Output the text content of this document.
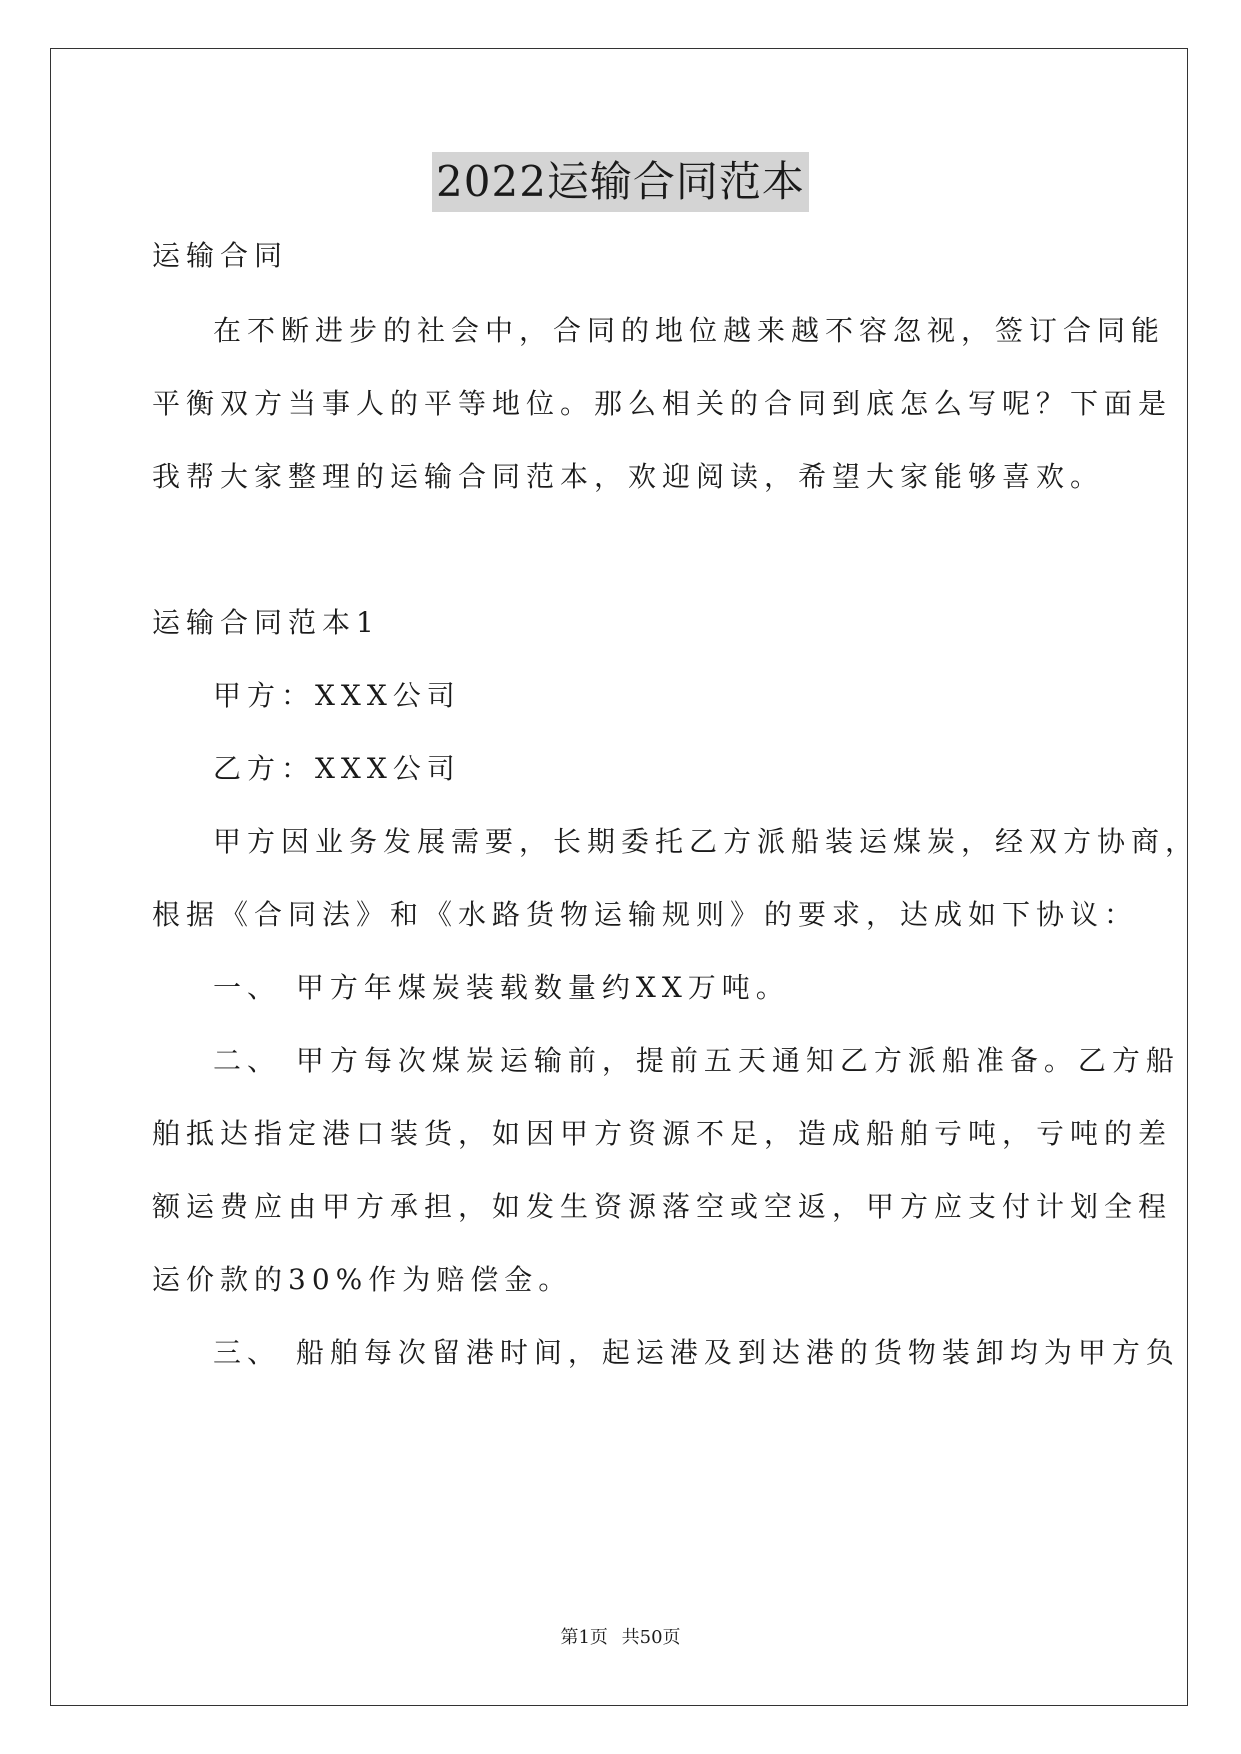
2022运输合同范本
运输合同
在不断进步的社会中，合同的地位越来越不容忽视，签订合同能
平衡双方当事人的平等地位。那么相关的合同到底怎么写呢？下面是
我帮大家整理的运输合同范本，欢迎阅读，希望大家能够喜欢。
运输合同范本1
甲方：XXX公司
乙方：XXX公司
甲方因业务发展需要，长期委托乙方派船装运煤炭，经双方协商，
根据《合同法》和《水路货物运输规则》的要求，达成如下协议：
一、 甲方年煤炭装载数量约XX万吨。
二、 甲方每次煤炭运输前，提前五天通知乙方派船准备。乙方船
舶抵达指定港口装货，如因甲方资源不足，造成船舶亏吨，亏吨的差
额运费应由甲方承担，如发生资源落空或空返，甲方应支付计划全程
运价款的30%作为赔偿金。
三、 船舶每次留港时间，起运港及到达港的货物装卸均为甲方负
第1页 共50页
